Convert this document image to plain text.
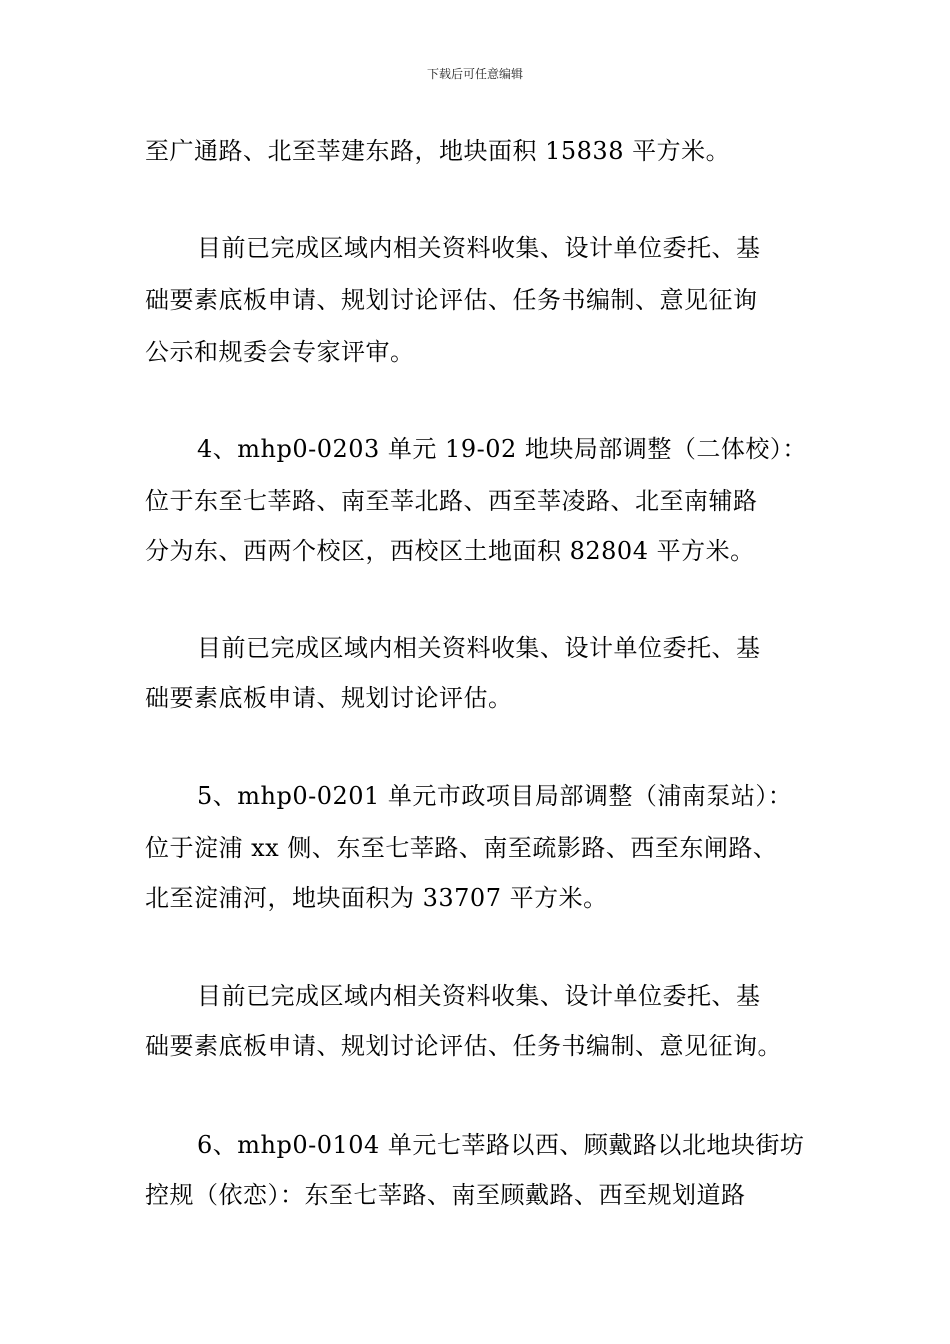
下载后可任意编辑
至广通路、北至莘建东路，地块面积 15838 平方米。
目前已完成区域内相关资料收集、设计单位委托、基
础要素底板申请、规划讨论评估、任务书编制、意见征询
公示和规委会专家评审。
4、mhp0-0203 单元 19-02 地块局部调整（二体校）：
位于东至七莘路、南至莘北路、西至莘凌路、北至南辅路
分为东、西两个校区，西校区土地面积 82804 平方米。
目前已完成区域内相关资料收集、设计单位委托、基
础要素底板申请、规划讨论评估。
5、mhp0-0201 单元市政项目局部调整（浦南泵站）：
位于淀浦 xx 侧、东至七莘路、南至疏影路、西至东闸路、
北至淀浦河，地块面积为 33707 平方米。
目前已完成区域内相关资料收集、设计单位委托、基
础要素底板申请、规划讨论评估、任务书编制、意见征询。
6、mhp0-0104 单元七莘路以西、顾戴路以北地块街坊
控规（依恋）：东至七莘路、南至顾戴路、西至规划道路
